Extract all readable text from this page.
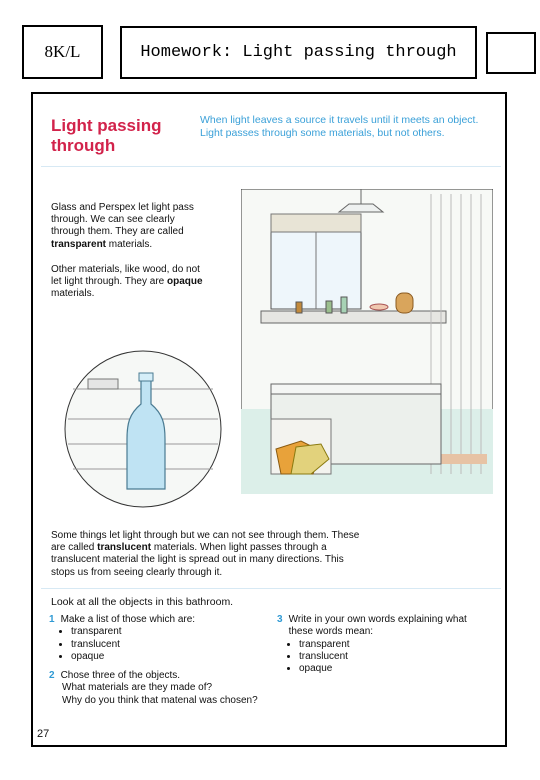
8K/L	Homework: Light passing through
Light passing
through
When light leaves a source it travels until it meets an object. Light passes through some materials, but not others.
Glass and Perspex let light pass through. We can see clearly through them. They are called transparent materials.
Other materials, like wood, do not let light through. They are opaque materials.
Some things let light through but we can not see through them. These are called translucent materials. When light passes through a translucent material the light is spread out in many directions. This stops us from seeing clearly through it.
Look at all the objects in this bathroom.
1 Make a list of those which are:
• transparent
• translucent
• opaque
2 Chose three of the objects.
What materials are they made of?
Why do you think that matenal was chosen?
3 Write in your own words explaining what these words mean:
• transparent
• translucent
• opaque
27
